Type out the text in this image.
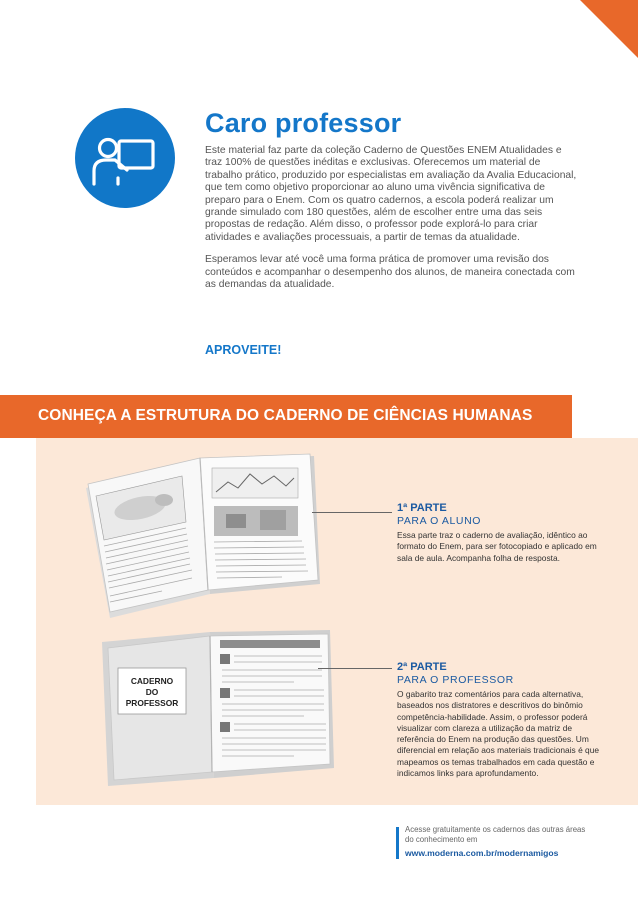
Caro professor

Este material faz parte da coleção Caderno de Questões ENEM Atualidades e traz 100% de questões inéditas e exclusivas. Oferecemos um material de trabalho prático, produzido por especialistas em avaliação da Avalia Educacional, que tem como objetivo proporcionar ao aluno uma vivência significativa de preparo para o Enem. Com os quatro cadernos, a escola poderá realizar um grande simulado com 180 questões, além de escolher entre uma das seis propostas de redação. Além disso, o professor pode explorá-lo para criar atividades e avaliações processuais, a partir de temas da atualidade.

Esperamos levar até você uma forma prática de promover uma revisão dos conteúdos e acompanhar o desempenho dos alunos, de maneira conectada com as demandas da atualidade.

APROVEITE!
CONHEÇA A ESTRUTURA DO CADERNO DE CIÊNCIAS HUMANAS
CADERNO
DO
PROFESSOR
1ª PARTE
PARA O ALUNO
Essa parte traz o caderno de avaliação, idêntico ao formato do Enem, para ser fotocopiado e aplicado em sala de aula. Acompanha folha de resposta.
2ª PARTE
PARA O PROFESSOR
O gabarito traz comentários para cada alternativa, baseados nos distratores e descritivos do binômio competência-habilidade. Assim, o professor poderá visualizar com clareza a utilização da matriz de referência do Enem na produção das questões. Um diferencial em relação aos materiais tradicionais é que mapeamos os temas trabalhados em cada questão e indicamos links para aprofundamento.
Acesse gratuitamente os cadernos das outras áreas do conhecimento em
www.moderna.com.br/modernamigos
